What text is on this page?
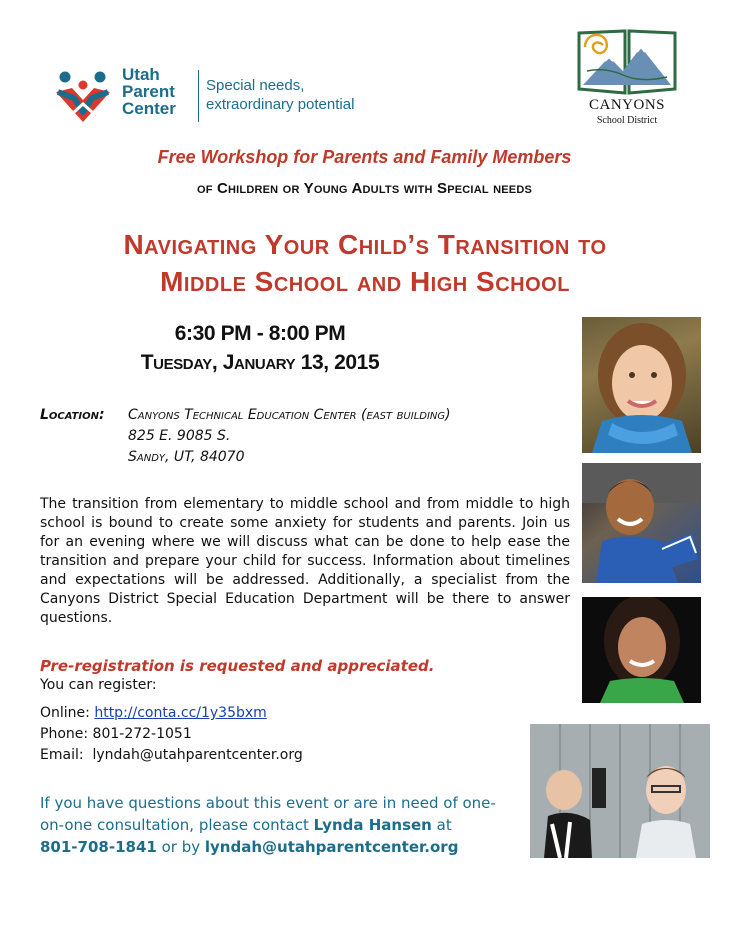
Utah
Parent
Center
Special needs,
extraordinary potential	CANYONS
School District
Free Workshop for Parents and Family Members
of Children or Young Adults with Special needs
Navigating Your Child’s Transition to
Middle School and High School
6:30 PM - 8:00 PM
Tuesday, January 13, 2015
Location: Canyons Technical Education Center (east building)
825 E. 9085 S.
Sandy, UT, 84070
The transition from elementary to middle school and from middle to high school is bound to create some anxiety for students and parents. Join us for an evening where we will discuss what can be done to help ease the transition and prepare your child for success. Information about timelines and expectations will be addressed. Additionally, a specialist from the Canyons District Special Education Department will be there to answer questions.
Pre-registration is requested and appreciated.
You can register:
Online: http://conta.cc/1y35bxm
Phone: 801-272-1051
Email:  lyndah@utahparentcenter.org
If you have questions about this event or are in need of one-on-one consultation, please contact Lynda Hansen at
801-708-1841 or by lyndah@utahparentcenter.org
